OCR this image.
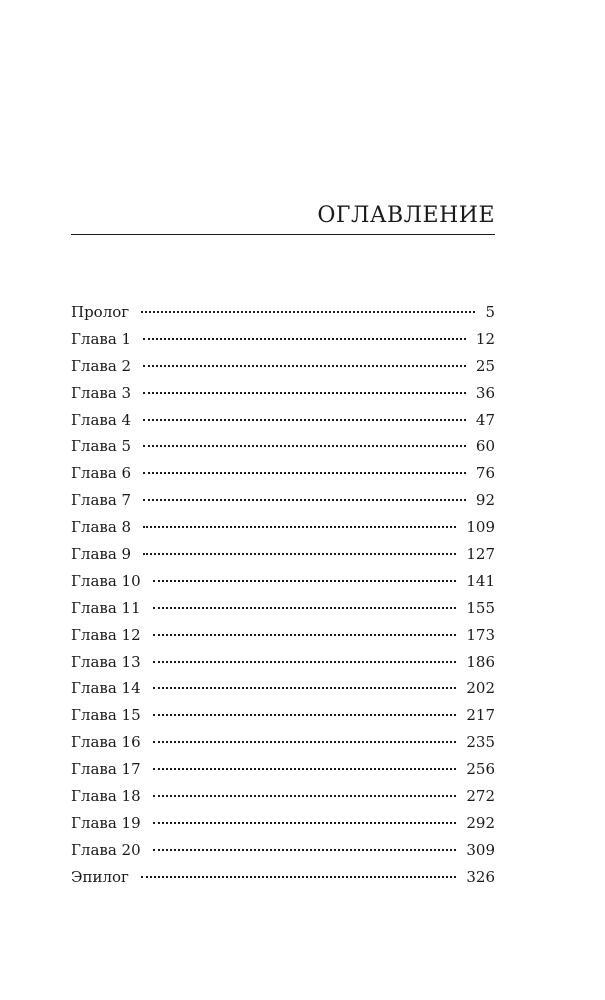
ОГЛАВЛЕНИЕ
Пролог	5
Глава 1	12
Глава 2	25
Глава 3	36
Глава 4	47
Глава 5	60
Глава 6	76
Глава 7	92
Глава 8	109
Глава 9	127
Глава 10	141
Глава 11	155
Глава 12	173
Глава 13	186
Глава 14	202
Глава 15	217
Глава 16	235
Глава 17	256
Глава 18	272
Глава 19	292
Глава 20	309
Эпилог	326
